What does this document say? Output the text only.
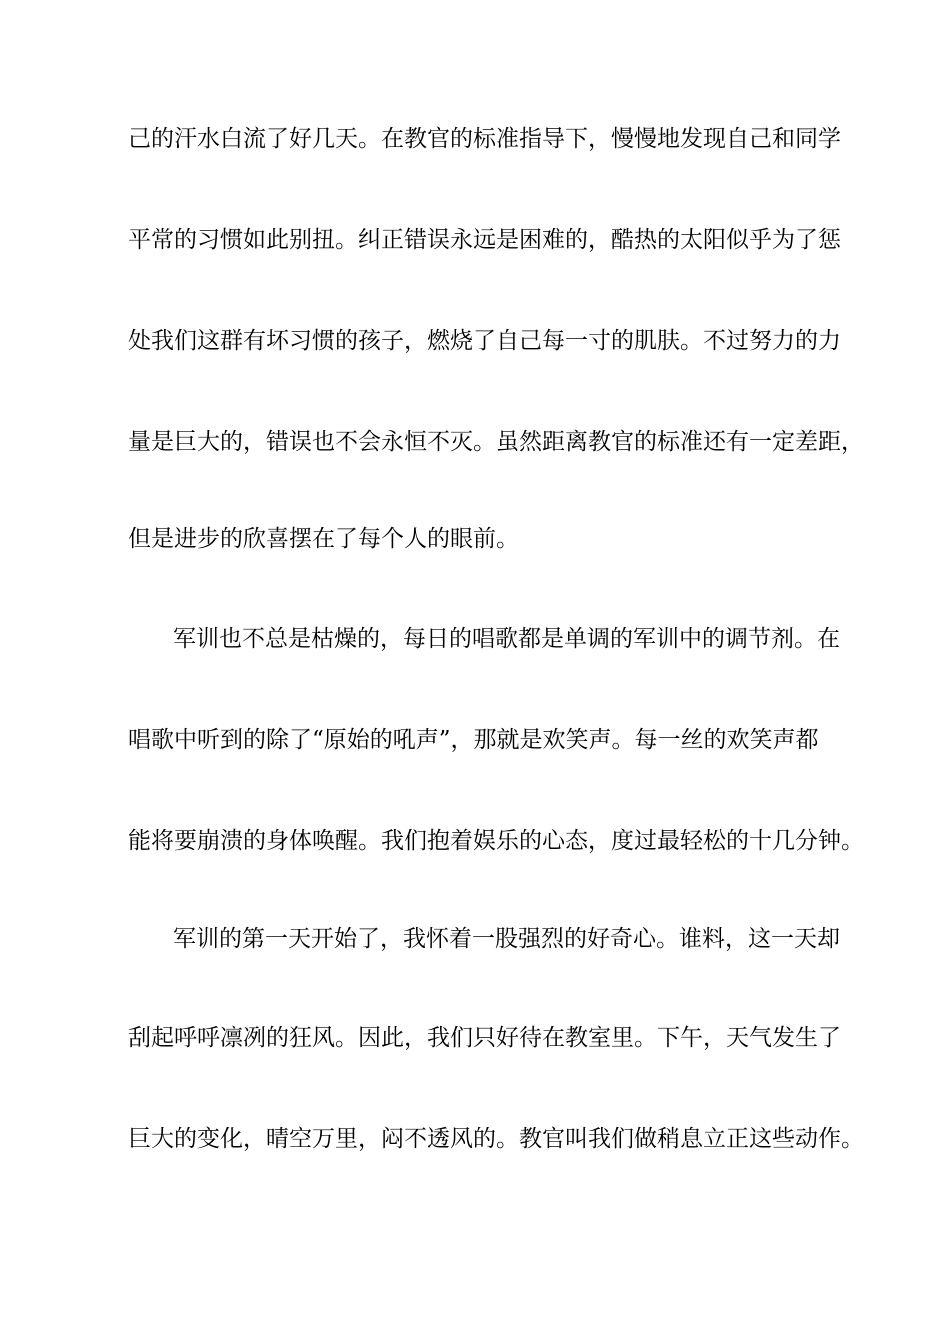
己的汗水白流了好几天。在教官的标准指导下，慢慢地发现自己和同学

平常的习惯如此别扭。纠正错误永远是困难的，酷热的太阳似乎为了惩

处我们这群有坏习惯的孩子，燃烧了自己每一寸的肌肤。不过努力的力

量是巨大的，错误也不会永恒不灭。虽然距离教官的标准还有一定差距，

但是进步的欣喜摆在了每个人的眼前。

军训也不总是枯燥的，每日的唱歌都是单调的军训中的调节剂。在

唱歌中听到的除了“原始的吼声”，那就是欢笑声。每一丝的欢笑声都

能将要崩溃的身体唤醒。我们抱着娱乐的心态，度过最轻松的十几分钟。

军训的第一天开始了，我怀着一股强烈的好奇心。谁料，这一天却

刮起呼呼凛冽的狂风。因此，我们只好待在教室里。下午，天气发生了

巨大的变化，晴空万里，闷不透风的。教官叫我们做稍息立正这些动作。
